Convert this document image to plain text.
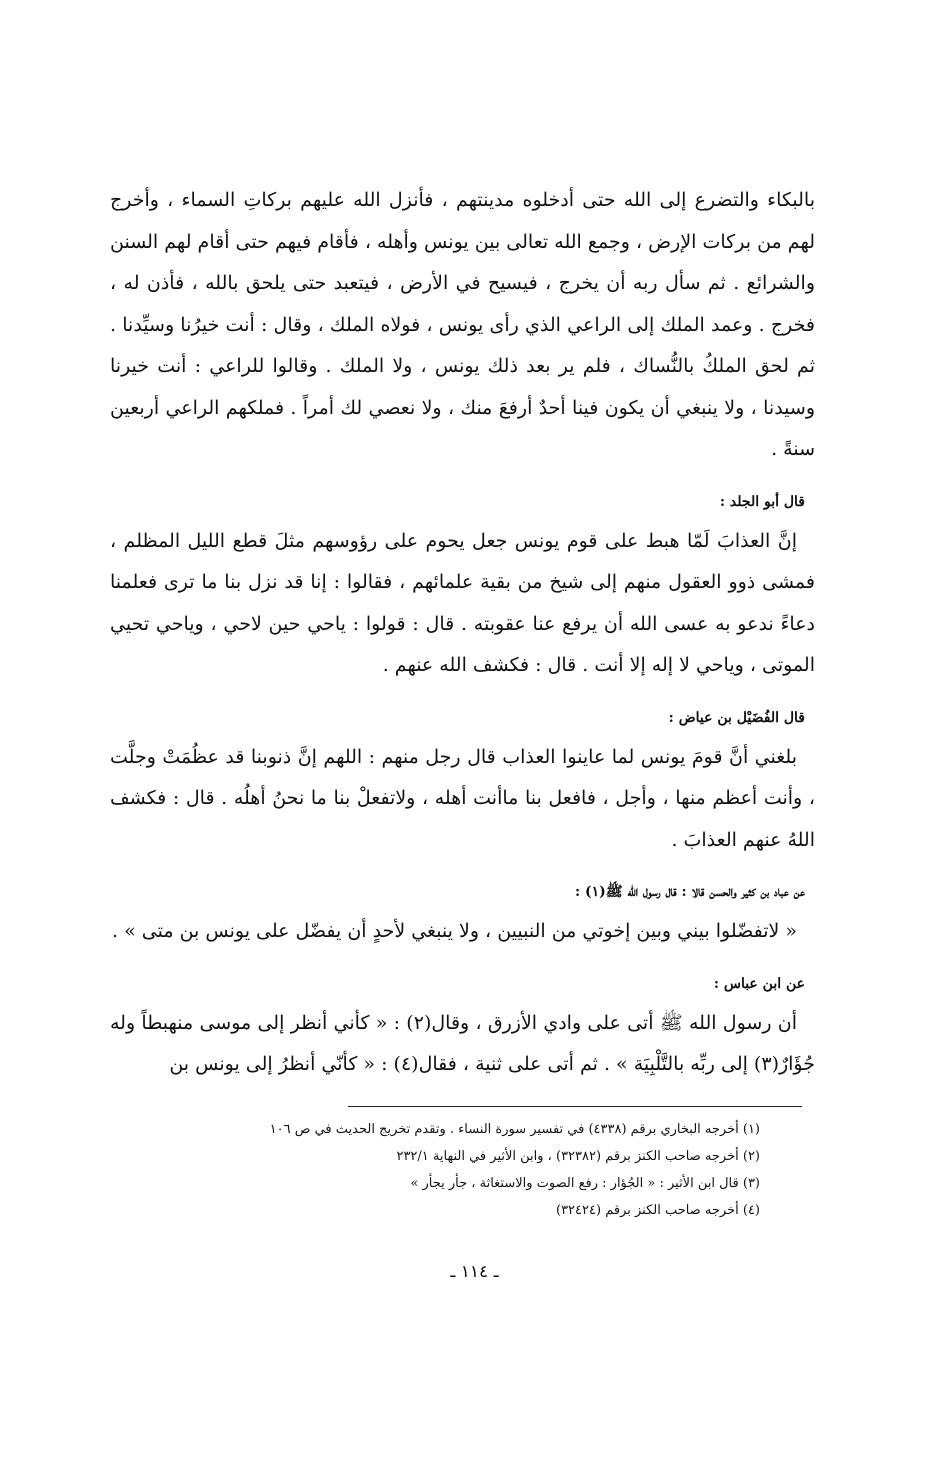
بالبكاء والتضرع إلى الله حتى أدخلوه مدينتهم ، فأنزل الله عليهم بركاتِ السماء ، وأخرج لهم من بركات الإرض ، وجمع الله تعالى بين يونس وأهله ، فأقام فيهم حتى أقام لهم السنن والشرائع . ثم سأل ربه أن يخرج ، فيسيح في الأرض ، فيتعبد حتى يلحق بالله ، فأذن له ، فخرج . وعمد الملك إلى الراعي الذي رأى يونس ، فولاه الملك ، وقال : أنت خيرُنا وسيِّدنا . ثم لحق الملكُ بالنُّساك ، فلم ير بعد ذلك يونس ، ولا الملك . وقالوا للراعي : أنت خيرنا وسيدنا ، ولا ينبغي أن يكون فينا أحدٌ أرفعَ منك ، ولا نعصي لك أمراً . فملكهم الراعي أربعين سنةً .

قال أبو الجلد :

إنَّ العذابَ لَمّا هبط على قوم يونس جعل يحوم على رؤوسهم مثلَ قطع الليل المظلم ، فمشى ذوو العقول منهم إلى شيخ من بقية علمائهم ، فقالوا : إنا قد نزل بنا ما ترى فعلمنا دعاءً ندعو به عسى الله أن يرفع عنا عقوبته . قال : قولوا : ياحي حين لاحي ، وياحي تحيي الموتى ، وياحي لا إله إلا أنت . قال : فكشف الله عنهم .

قال الفُضَيْل بن عياض :

بلغني أنَّ قومَ يونس لما عاينوا العذاب قال رجل منهم : اللهم إنَّ ذنوبنا قد عظُمَتْ وجلَّت ، وأنت أعظم منها ، وأجل ، فافعل بنا ماأنت أهله ، ولاتفعلْ بنا ما نحنُ أهلُه . قال : فكشف اللهُ عنهم العذابَ .

عن عباد بن كثير والحسن قالا : قال رسول الله ﷺ(١) :

« لاتفضّلوا بيني وبين إخوتي من النبيين ، ولا ينبغي لأحدٍ أن يفضّل على يونس بن متى » .

عن ابن عباس :

أن رسول الله ﷺ أتى على وادي الأزرق ، وقال(٢) : « كأني أنظر إلى موسى منهبطاً وله جُؤَارٌ(٣) إلى ربِّه بالتَّلْبِيَة » . ثم أتى على ثنية ، فقال(٤) : « كأنّي أنظرُ إلى يونس بن

(١) أخرجه البخاري برقم (٤٣٣٨) في تفسير سورة النساء . وتقدم تخريج الحديث في ص ١٠٦

(٢) أخرجه صاحب الكنز برقم (٣٢٣٨٢) ، وابن الأثير في النهاية ٢٣٢/١

(٣) قال ابن الأثير : « الجُؤار : رفع الصوت والاستغاثة ، جأر يجأر »

(٤) أخرجه صاحب الكنز برقم (٣٢٤٢٤)

ـ ١١٤ ـ
